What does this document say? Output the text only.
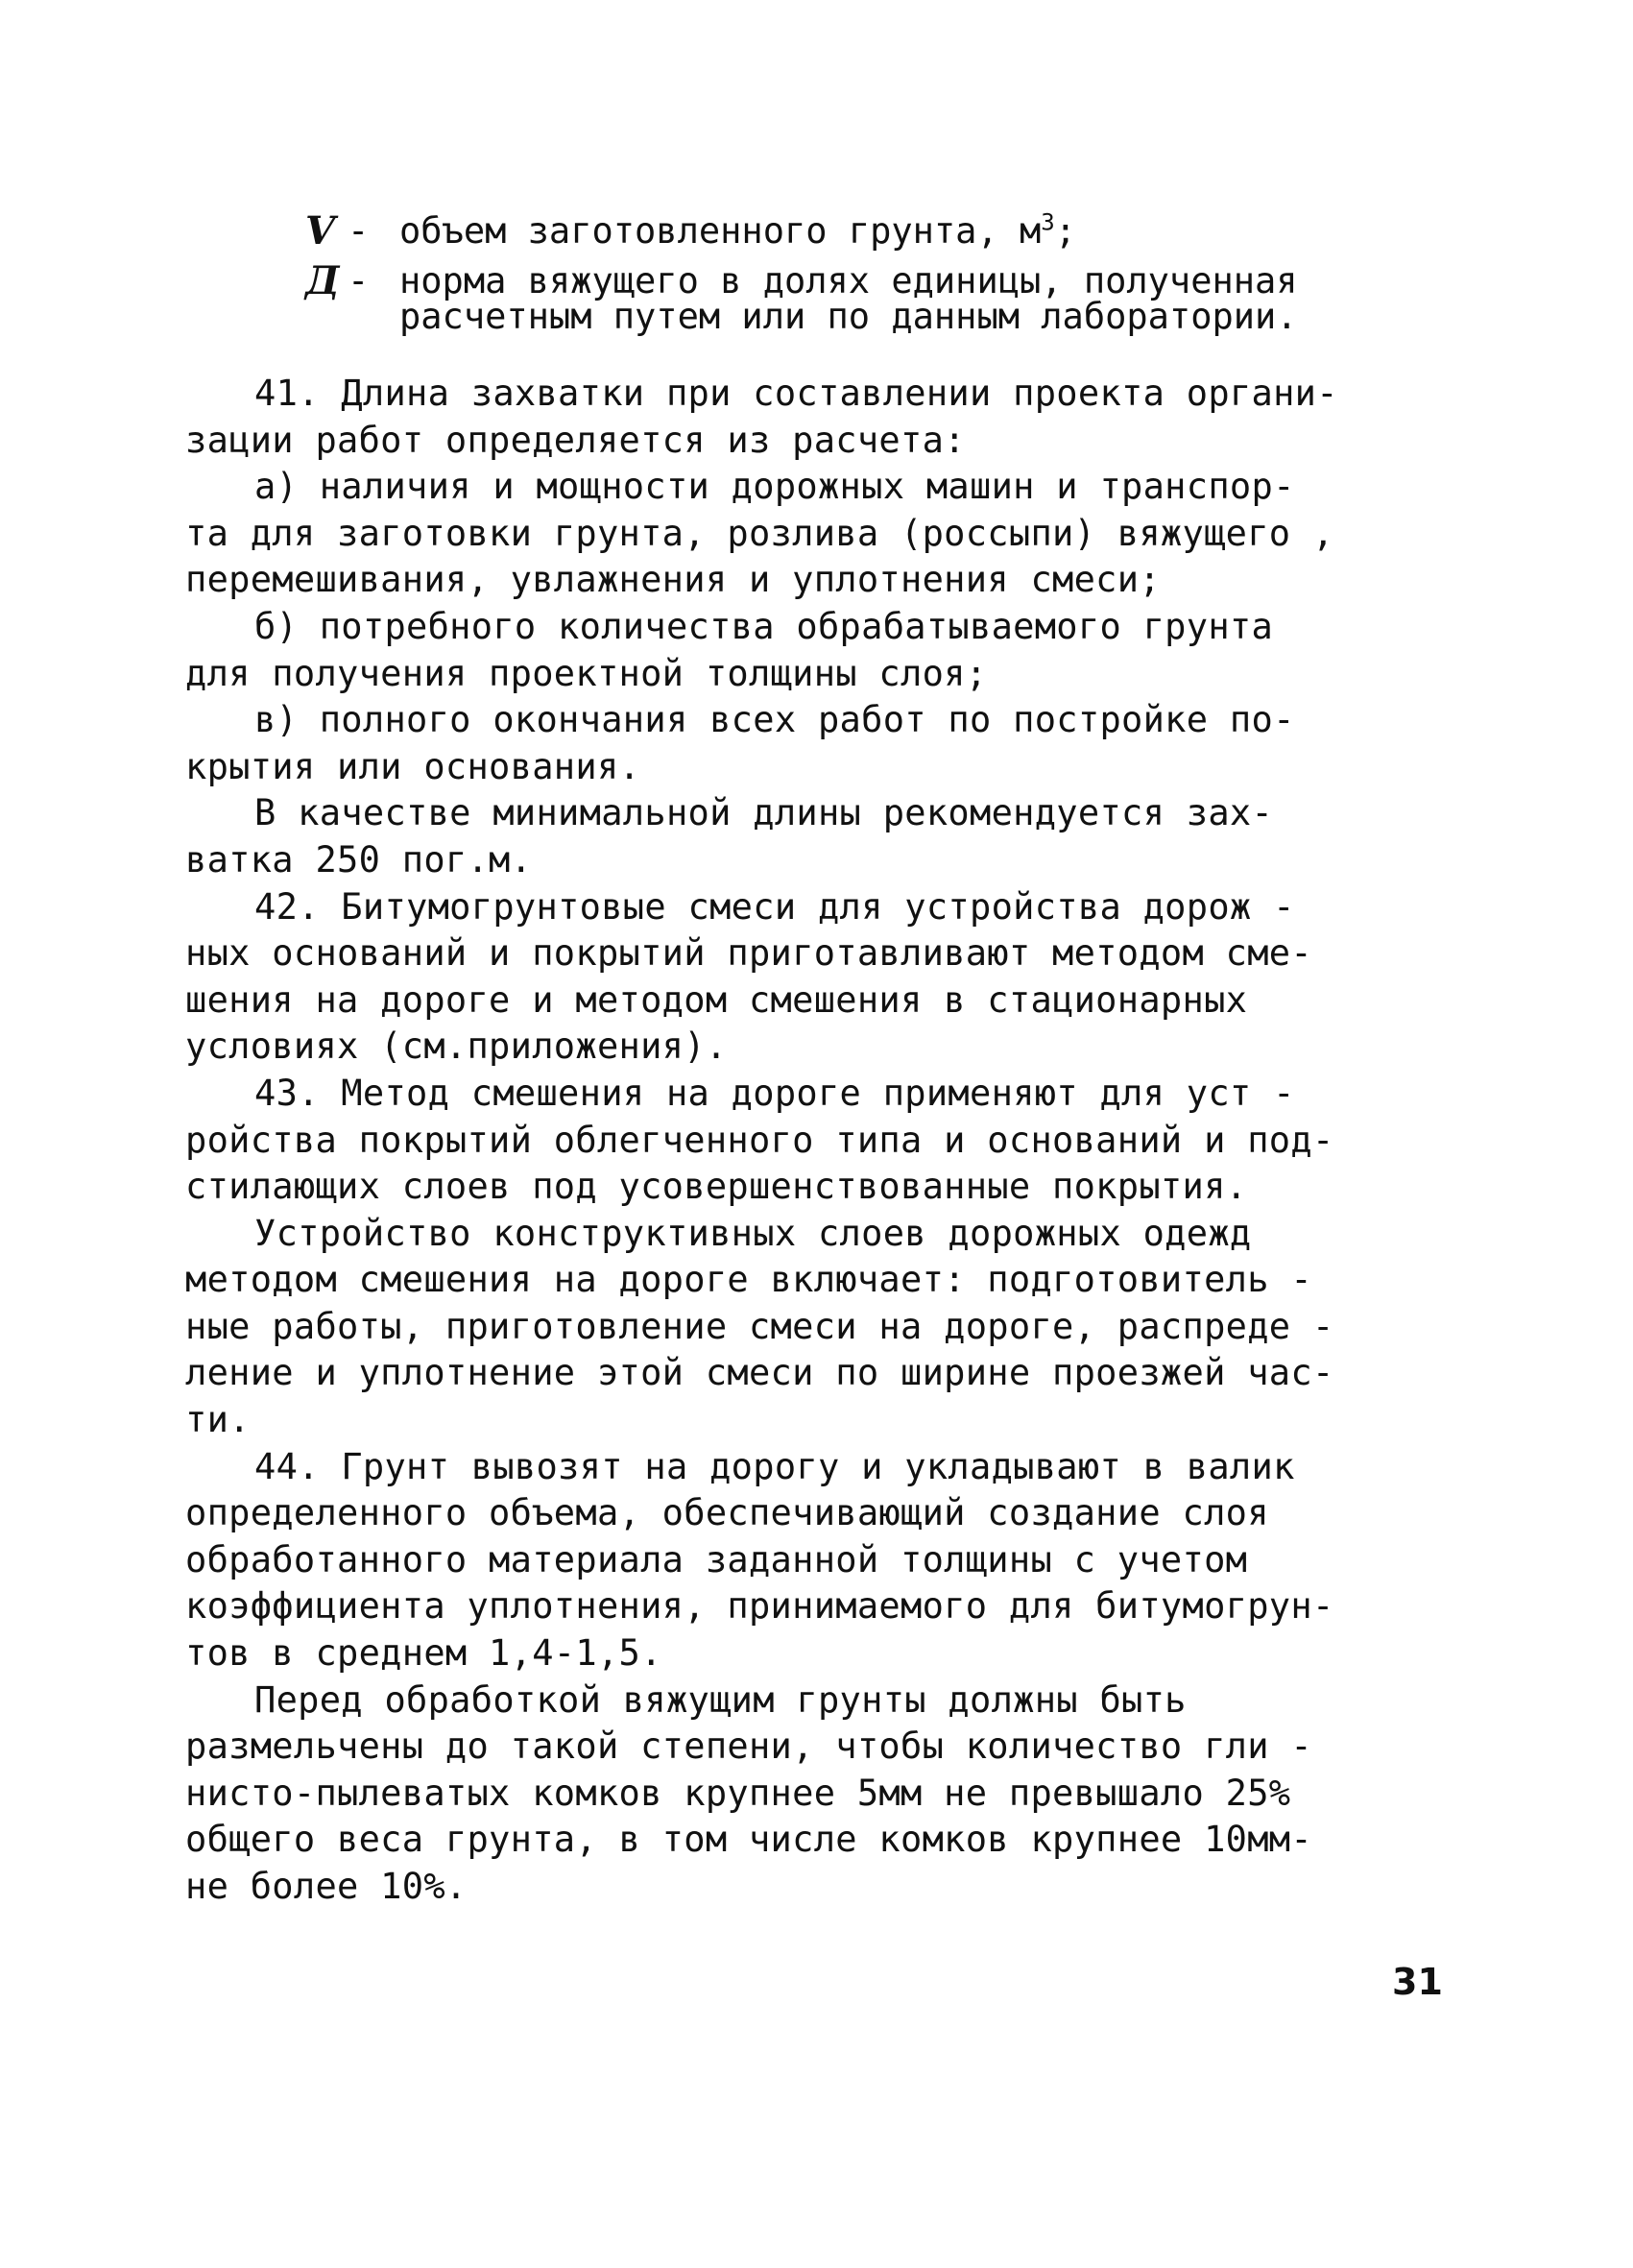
V - объем заготовленного грунта, $м^3$;
Д - норма вяжущего в долях единицы, полученная
расчетным путем или по данным лаборатории.
41. Длина захватки при составлении проекта органи-
зации работ определяется из расчета:
а) наличия и мощности дорожных машин и транспор-
та для заготовки грунта, розлива (россыпи) вяжущего ,
перемешивания, увлажнения и уплотнения смеси;
б) потребного количества обрабатываемого грунта
для получения проектной толщины слоя;
в) полного окончания всех работ по постройке по-
крытия или основания.
В качестве минимальной длины рекомендуется зах-
ватка 250 пог.м.
42. Битумогрунтовые смеси для устройства дорож -
ных оснований и покрытий приготавливают методом сме-
шения на дороге и методом смешения в стационарных
условиях (см.приложения).
43. Метод смешения на дороге применяют для уст -
ройства покрытий облегченного типа и оснований и под-
стилающих слоев под усовершенствованные покрытия.
Устройство конструктивных слоев дорожных одежд
методом смешения на дороге включает: подготовитель -
ные работы, приготовление смеси на дороге, распреде -
ление и уплотнение этой смеси по ширине проезжей час-
ти.
44. Грунт вывозят на дорогу и укладывают в валик
определенного объема, обеспечивающий создание слоя
обработанного материала заданной толщины с учетом
коэффициента уплотнения, принимаемого для битумогрун-
тов в среднем 1,4-1,5.
Перед обработкой вяжущим грунты должны быть
размельчены до такой степени, чтобы количество гли -
нисто-пылеватых комков крупнее 5мм не превышало 25%
общего веса грунта, в том числе комков крупнее 10мм-
не более 10%.
31
